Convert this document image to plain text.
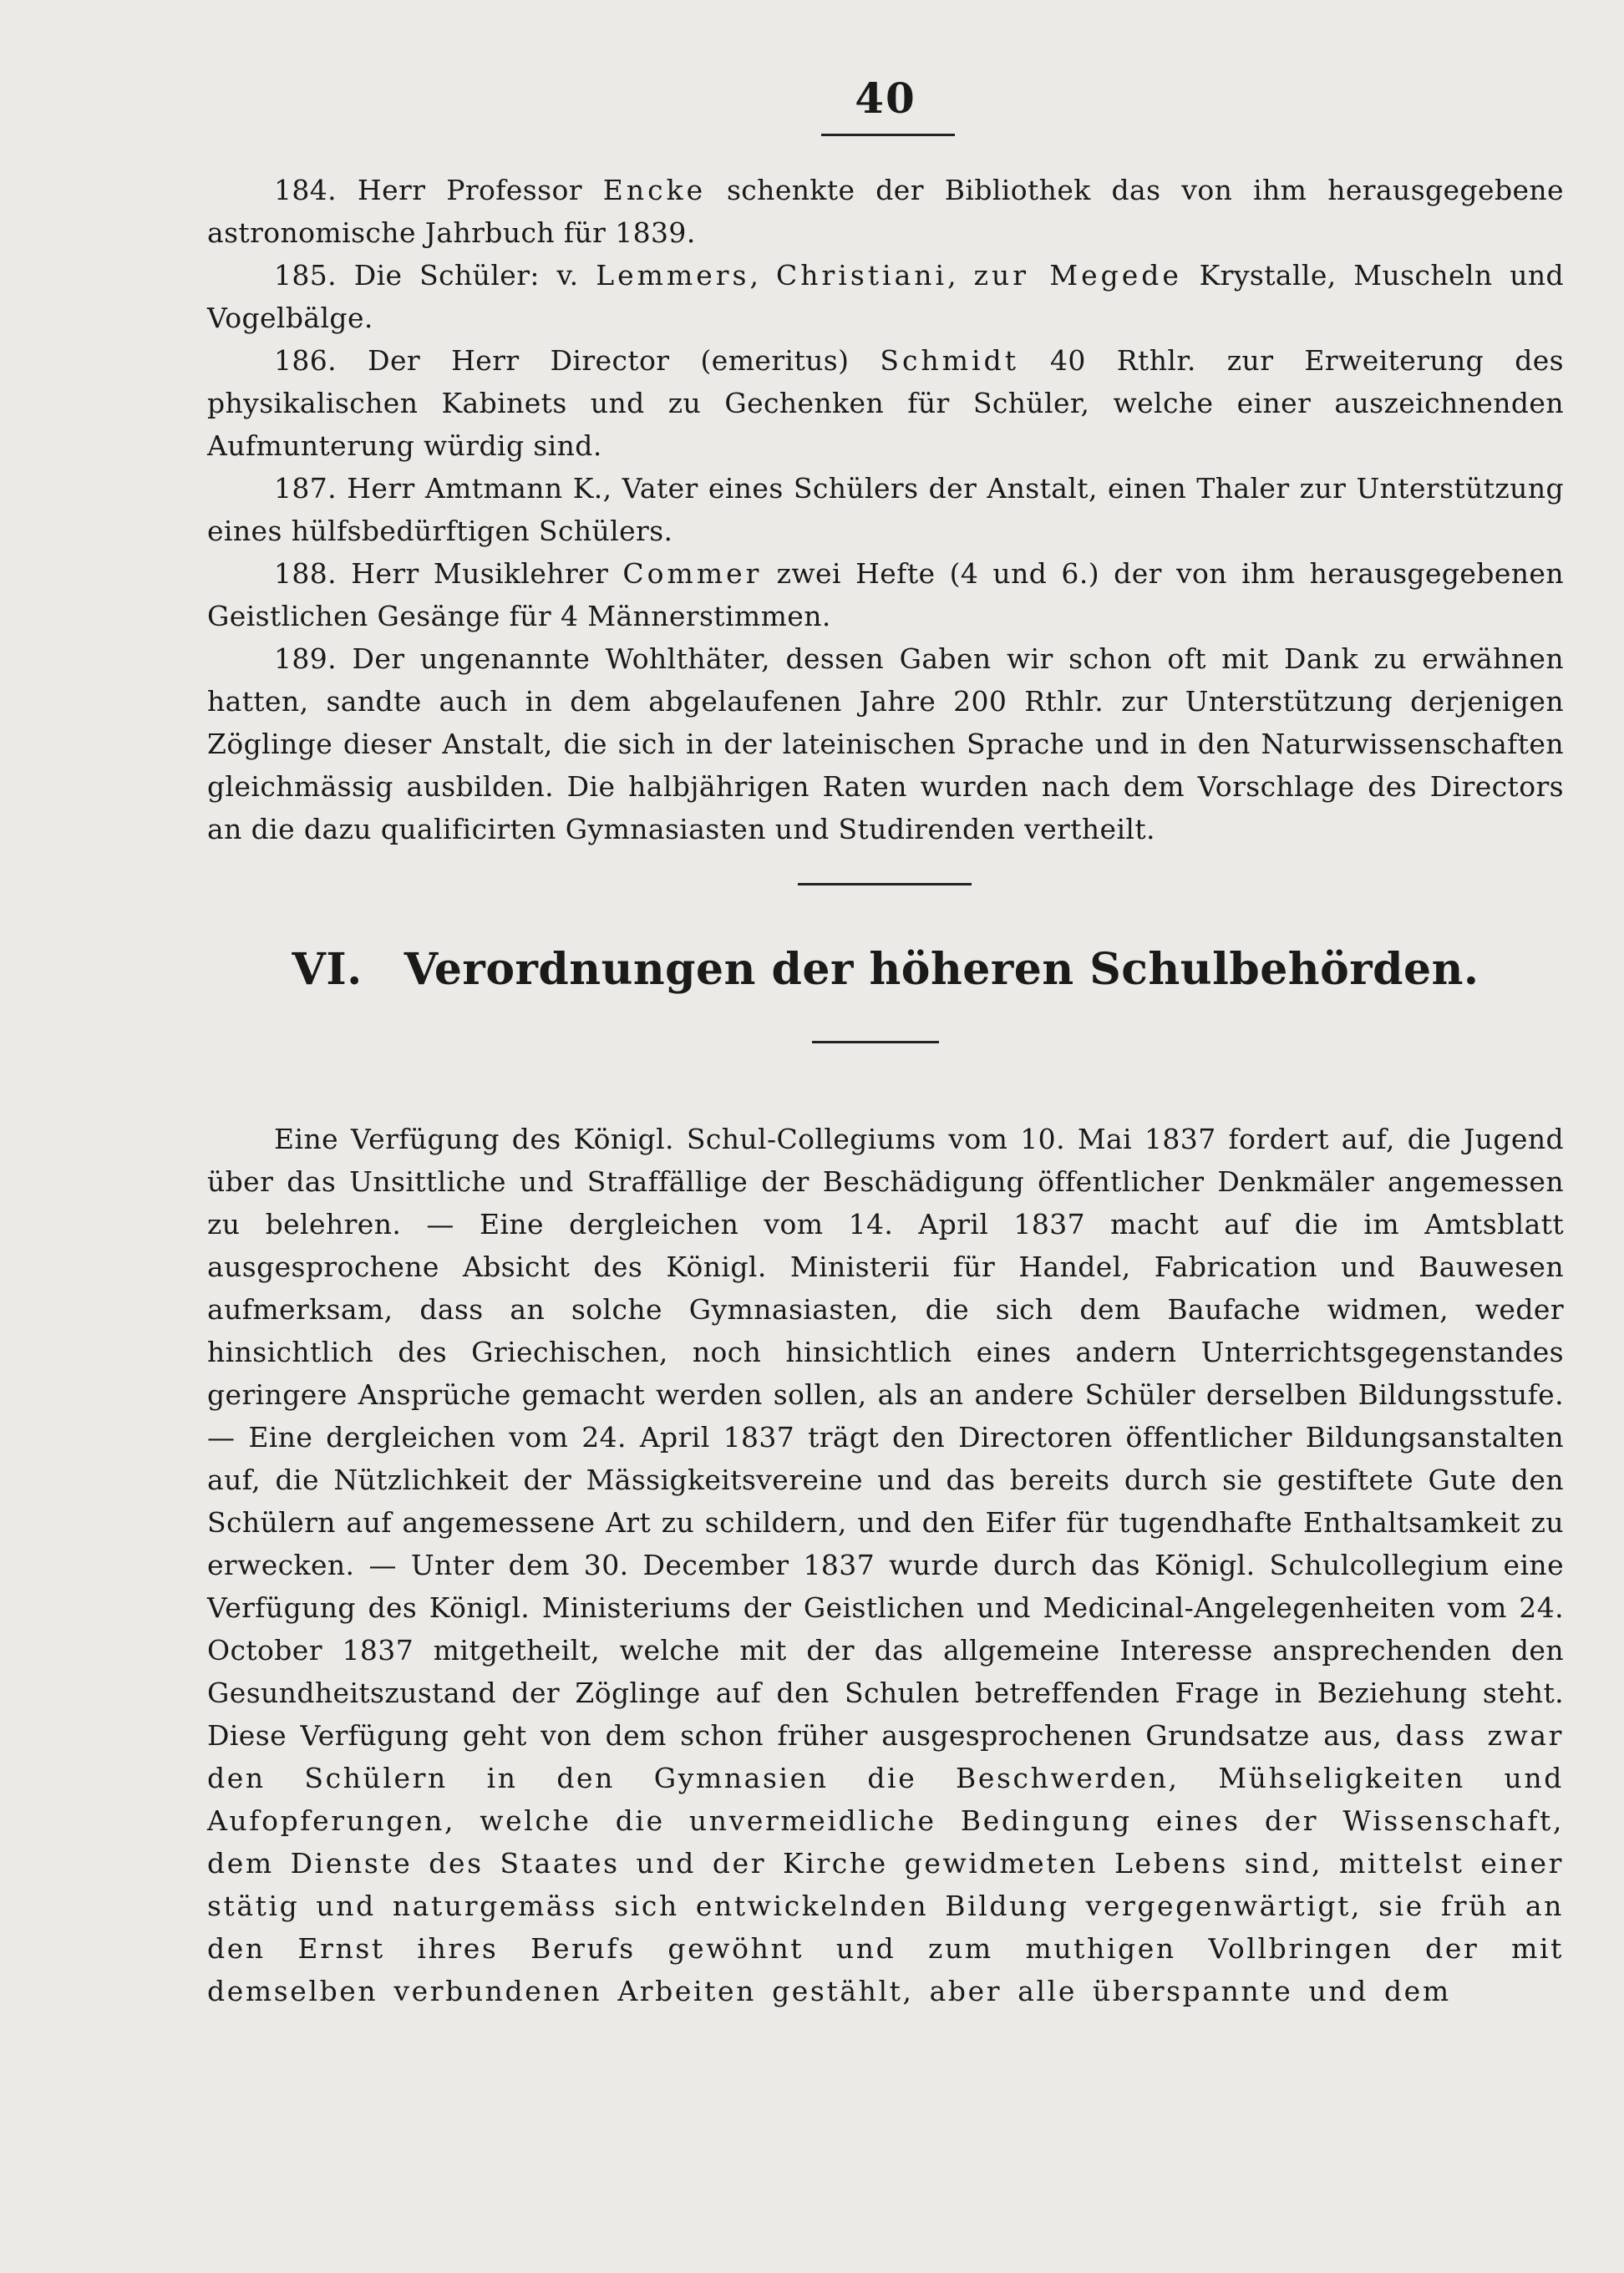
40

184. Herr Professor Encke schenkte der Bibliothek das von ihm herausgegebene astronomische Jahrbuch für 1839.

185. Die Schüler: v. Lemmers, Christiani, zur Megede Krystalle, Muscheln und Vogelbälge.

186. Der Herr Director (emeritus) Schmidt 40 Rthlr. zur Erweiterung des physikalischen Kabinets und zu Gechenken für Schüler, welche einer auszeichnenden Aufmunterung würdig sind.

187. Herr Amtmann K., Vater eines Schülers der Anstalt, einen Thaler zur Unterstützung eines hülfsbedürftigen Schülers.

188. Herr Musiklehrer Commer zwei Hefte (4 und 6.) der von ihm herausgegebenen Geistlichen Gesänge für 4 Männerstimmen.

189. Der ungenannte Wohlthäter, dessen Gaben wir schon oft mit Dank zu erwähnen hatten, sandte auch in dem abgelaufenen Jahre 200 Rthlr. zur Unterstützung derjenigen Zöglinge dieser Anstalt, die sich in der lateinischen Sprache und in den Naturwissenschaften gleichmässig ausbilden. Die halbjährigen Raten wurden nach dem Vorschlage des Directors an die dazu qualificirten Gymnasiasten und Studirenden vertheilt.

VI. Verordnungen der höheren Schulbehörden.

Eine Verfügung des Königl. Schul-Collegiums vom 10. Mai 1837 fordert auf, die Jugend über das Unsittliche und Straffällige der Beschädigung öffentlicher Denkmäler angemessen zu belehren. — Eine dergleichen vom 14. April 1837 macht auf die im Amtsblatt ausgesprochene Absicht des Königl. Ministerii für Handel, Fabrication und Bauwesen aufmerksam, dass an solche Gymnasiasten, die sich dem Baufache widmen, weder hinsichtlich des Griechischen, noch hinsichtlich eines andern Unterrichtsgegenstandes geringere Ansprüche gemacht werden sollen, als an andere Schüler derselben Bildungsstufe. — Eine dergleichen vom 24. April 1837 trägt den Directoren öffentlicher Bildungsanstalten auf, die Nützlichkeit der Mässigkeitsvereine und das bereits durch sie gestiftete Gute den Schülern auf angemessene Art zu schildern, und den Eifer für tugendhafte Enthaltsamkeit zu erwecken. — Unter dem 30. December 1837 wurde durch das Königl. Schulcollegium eine Verfügung des Königl. Ministeriums der Geistlichen und Medicinal-Angelegenheiten vom 24. October 1837 mitgetheilt, welche mit der das allgemeine Interesse ansprechenden den Gesundheitszustand der Zöglinge auf den Schulen betreffenden Frage in Beziehung steht. Diese Verfügung geht von dem schon früher ausgesprochenen Grundsatze aus, dass zwar den Schülern in den Gymnasien die Beschwerden, Mühseligkeiten und Aufopferungen, welche die unvermeidliche Bedingung eines der Wissenschaft, dem Dienste des Staates und der Kirche gewidmeten Lebens sind, mittelst einer stätig und naturgemäss sich entwickelnden Bildung vergegenwärtigt, sie früh an den Ernst ihres Berufs gewöhnt und zum muthigen Vollbringen der mit demselben verbundenen Arbeiten gestählt, aber alle überspannte und dem
